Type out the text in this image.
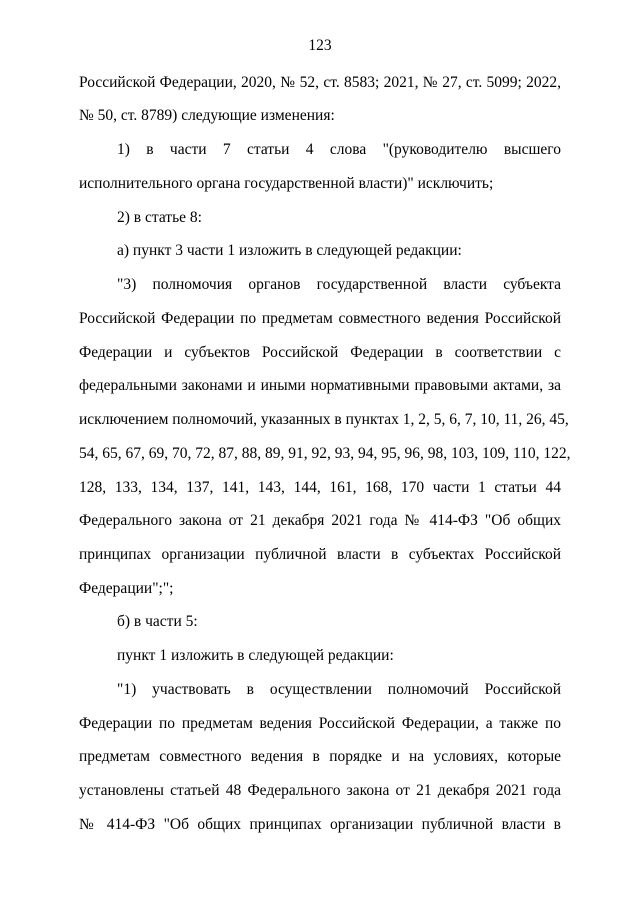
123
Российской Федерации, 2020, № 52, ст. 8583; 2021, № 27, ст. 5099; 2022,
№ 50, ст. 8789) следующие изменения:
1) в части 7 статьи 4 слова "(руководителю высшего
исполнительного органа государственной власти)" исключить;
2) в статье 8:
а) пункт 3 части 1 изложить в следующей редакции:
"3) полномочия органов государственной власти субъекта
Российской Федерации по предметам совместного ведения Российской
Федерации и субъектов Российской Федерации в соответствии с
федеральными законами и иными нормативными правовыми актами, за
исключением полномочий, указанных в пунктах 1, 2, 5, 6, 7, 10, 11, 26, 45,
54, 65, 67, 69, 70, 72, 87, 88, 89, 91, 92, 93, 94, 95, 96, 98, 103, 109, 110, 122,
128, 133, 134, 137, 141, 143, 144, 161, 168, 170 части 1 статьи 44
Федерального закона от 21 декабря 2021 года № 414-ФЗ "Об общих
принципах организации публичной власти в субъектах Российской
Федерации";";
б) в части 5:
пункт 1 изложить в следующей редакции:
"1) участвовать в осуществлении полномочий Российской
Федерации по предметам ведения Российской Федерации, а также по
предметам совместного ведения в порядке и на условиях, которые
установлены статьей 48 Федерального закона от 21 декабря 2021 года
№ 414-ФЗ "Об общих принципах организации публичной власти в
